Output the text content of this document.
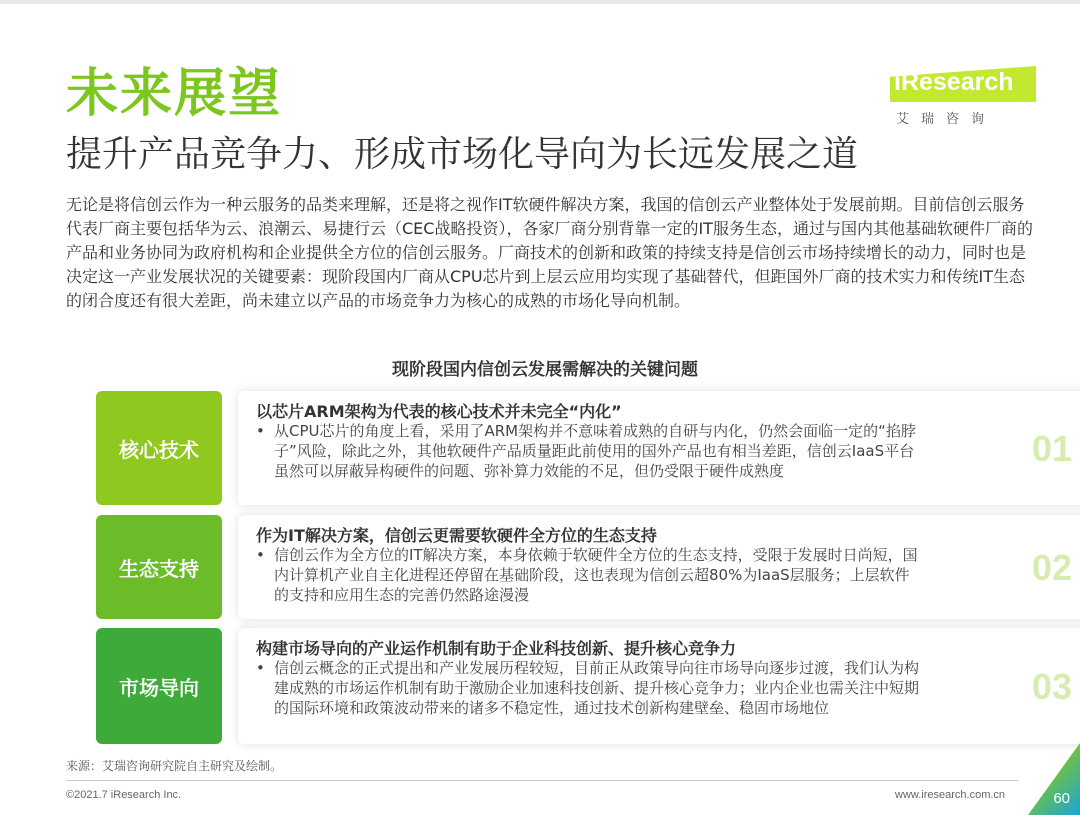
未来展望
提升产品竞争力、形成市场化导向为长远发展之道
iResearch
艾瑞咨询
无论是将信创云作为一种云服务的品类来理解，还是将之视作IT软硬件解决方案，我国的信创云产业整体处于发展前期。目前信创云服务代表厂商主要包括华为云、浪潮云、易捷行云（CEC战略投资），各家厂商分别背靠一定的IT服务生态，通过与国内其他基础软硬件厂商的产品和业务协同为政府机构和企业提供全方位的信创云服务。厂商技术的创新和政策的持续支持是信创云市场持续增长的动力，同时也是决定这一产业发展状况的关键要素：现阶段国内厂商从CPU芯片到上层云应用均实现了基础替代，但距国外厂商的技术实力和传统IT生态的闭合度还有很大差距，尚未建立以产品的市场竞争力为核心的成熟的市场化导向机制。
现阶段国内信创云发展需解决的关键问题
核心技术
以芯片ARM架构为代表的核心技术并未完全“内化”
• 从CPU芯片的角度上看，采用了ARM架构并不意味着成熟的自研与内化，仍然会面临一定的“掐脖子”风险，除此之外，其他软硬件产品质量距此前使用的国外产品也有相当差距，信创云IaaS平台虽然可以屏蔽异构硬件的问题、弥补算力效能的不足，但仍受限于硬件成熟度
01
生态支持
作为IT解决方案，信创云更需要软硬件全方位的生态支持
• 信创云作为全方位的IT解决方案，本身依赖于软硬件全方位的生态支持，受限于发展时日尚短，国内计算机产业自主化进程还停留在基础阶段，这也表现为信创云超80%为IaaS层服务；上层软件的支持和应用生态的完善仍然路途漫漫
02
市场导向
构建市场导向的产业运作机制有助于企业科技创新、提升核心竞争力
• 信创云概念的正式提出和产业发展历程较短，目前正从政策导向往市场导向逐步过渡，我们认为构建成熟的市场运作机制有助于激励企业加速科技创新、提升核心竞争力；业内企业也需关注中短期的国际环境和政策波动带来的诸多不稳定性，通过技术创新构建壁垒、稳固市场地位
03
来源：艾瑞咨询研究院自主研究及绘制。
©2021.7 iResearch Inc.	www.iresearch.com.cn	60
